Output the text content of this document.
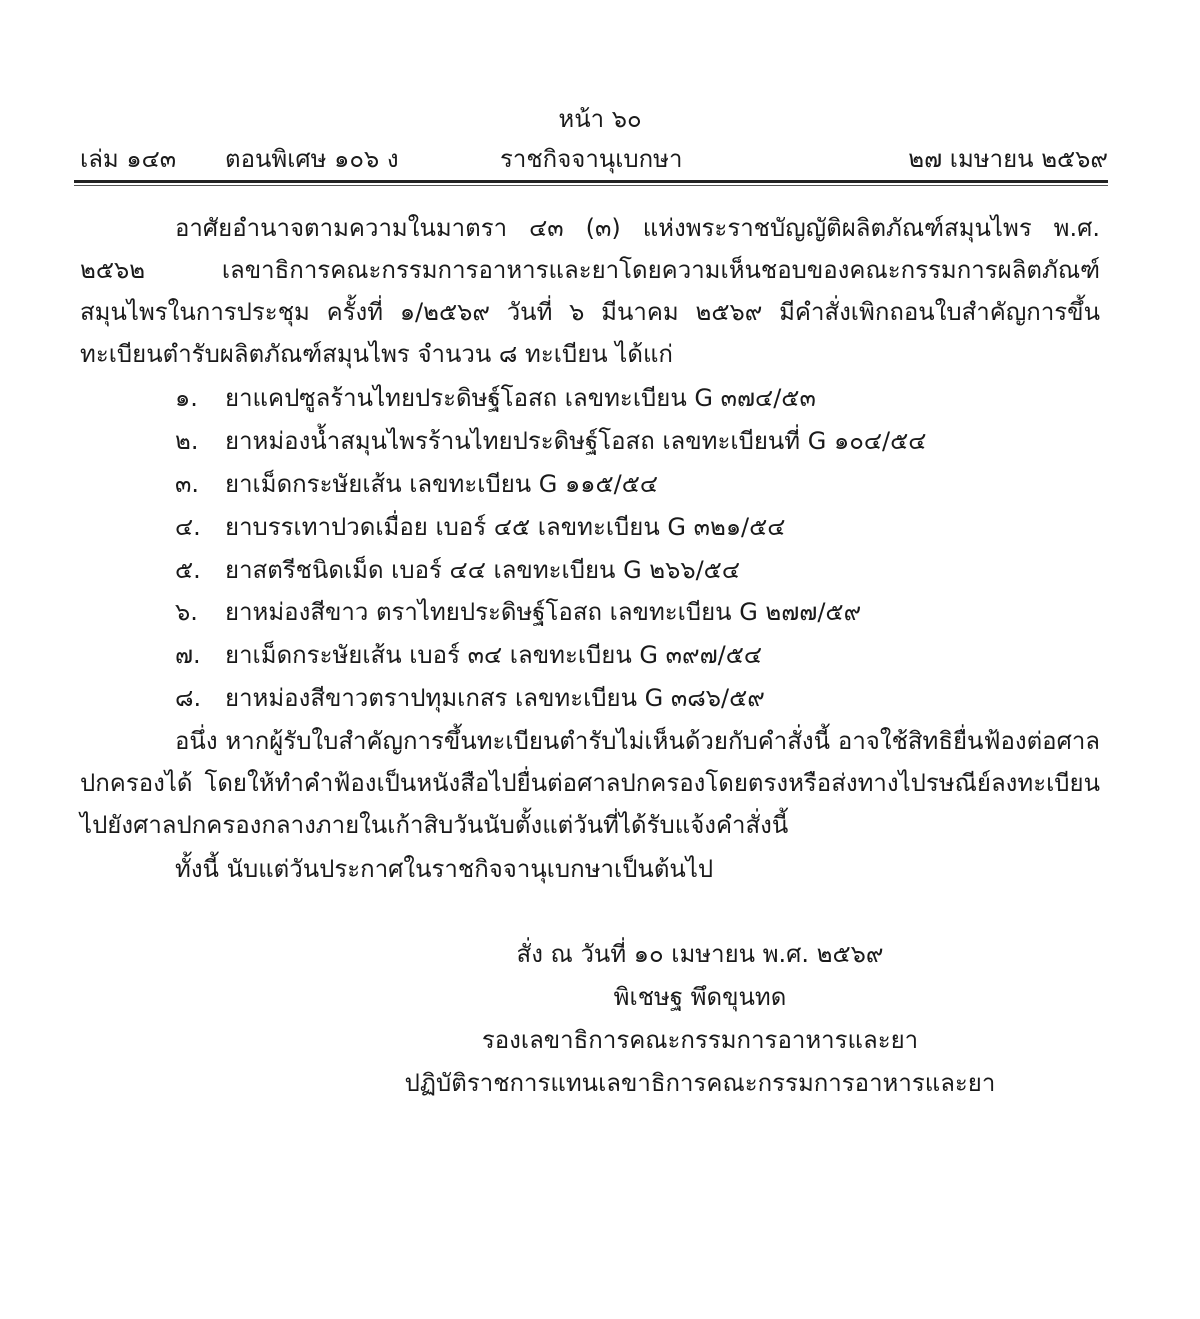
หน้า ๖๐
เล่ม ๑๔๓ ตอนพิเศษ ๑๐๖ ง	ราชกิจจานุเบกษา	๒๗ เมษายน ๒๕๖๙
อาศัยอำนาจตามความในมาตรา ๔๓ (๓) แห่งพระราชบัญญัติผลิตภัณฑ์สมุนไพร พ.ศ. ๒๕๖๒ เลขาธิการคณะกรรมการอาหารและยาโดยความเห็นชอบของคณะกรรมการผลิตภัณฑ์สมุนไพรในการประชุม ครั้งที่ ๑/๒๕๖๙ วันที่ ๖ มีนาคม ๒๕๖๙ มีคำสั่งเพิกถอนใบสำคัญการขึ้นทะเบียนตำรับผลิตภัณฑ์สมุนไพร จำนวน ๘ ทะเบียน ได้แก่
๑. ยาแคปซูลร้านไทยประดิษฐ์โอสถ เลขทะเบียน G ๓๗๔/๕๓
๒. ยาหม่องน้ำสมุนไพรร้านไทยประดิษฐ์โอสถ เลขทะเบียนที่ G ๑๐๔/๕๔
๓. ยาเม็ดกระษัยเส้น เลขทะเบียน G ๑๑๕/๕๔
๔. ยาบรรเทาปวดเมื่อย เบอร์ ๔๕ เลขทะเบียน G ๓๒๑/๕๔
๕. ยาสตรีชนิดเม็ด เบอร์ ๔๔ เลขทะเบียน G ๒๖๖/๕๔
๖. ยาหม่องสีขาว ตราไทยประดิษฐ์โอสถ เลขทะเบียน G ๒๗๗/๕๙
๗. ยาเม็ดกระษัยเส้น เบอร์ ๓๔ เลขทะเบียน G ๓๙๗/๕๔
๘. ยาหม่องสีขาวตราปทุมเกสร เลขทะเบียน G ๓๘๖/๕๙
อนึ่ง หากผู้รับใบสำคัญการขึ้นทะเบียนตำรับไม่เห็นด้วยกับคำสั่งนี้ อาจใช้สิทธิยื่นฟ้องต่อศาลปกครองได้ โดยให้ทำคำฟ้องเป็นหนังสือไปยื่นต่อศาลปกครองโดยตรงหรือส่งทางไปรษณีย์ลงทะเบียนไปยังศาลปกครองกลางภายในเก้าสิบวันนับตั้งแต่วันที่ได้รับแจ้งคำสั่งนี้
ทั้งนี้ นับแต่วันประกาศในราชกิจจานุเบกษาเป็นต้นไป
สั่ง ณ วันที่ ๑๐ เมษายน พ.ศ. ๒๕๖๙
พิเชษฐ พึดขุนทด
รองเลขาธิการคณะกรรมการอาหารและยา
ปฏิบัติราชการแทนเลขาธิการคณะกรรมการอาหารและยา
